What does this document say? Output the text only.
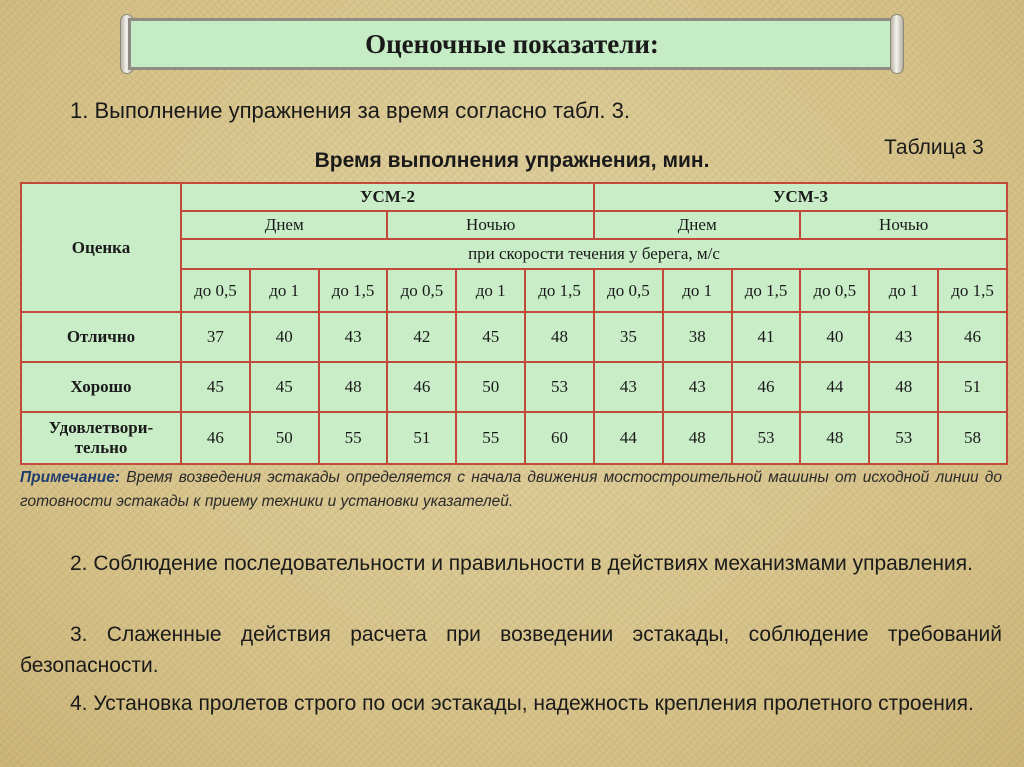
Оценочные показатели:
1. Выполнение упражнения за время согласно табл. 3.
Таблица 3
Время выполнения упражнения, мин.
Оценка	УСМ-2						УСМ-3					
	Днем			Ночью			Днем			Ночью		
	при скорости течения у берега, м/с											
	до 0,5	до 1	до 1,5	до 0,5	до 1	до 1,5	до 0,5	до 1	до 1,5	до 0,5	до 1	до 1,5
Отлично	37	40	43	42	45	48	35	38	41	40	43	46
Хорошо	45	45	48	46	50	53	43	43	46	44	48	51
Удовлетвори-
тельно	46	50	55	51	55	60	44	48	53	48	53	58
Примечание: Время возведения эстакады определяется с начала движения мостостроительной машины от исходной линии до готовности эстакады к приему техники и установки указателей.
2. Соблюдение последовательности и правильности в действиях механизмами управления.
3. Слаженные действия расчета при возведении эстакады, соблюдение требований безопасности.
4. Установка пролетов строго по оси эстакады, надежность крепления пролетного строения.
